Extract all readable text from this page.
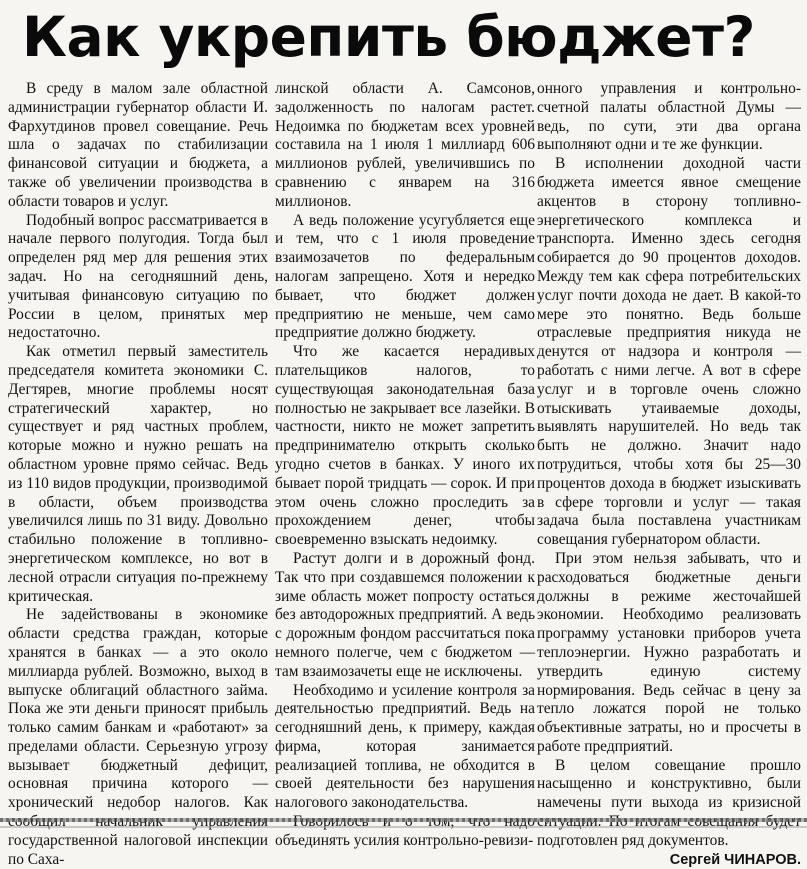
Как укрепить бюджет?

В среду в малом зале областной администрации губернатор области И. Фархутдинов провел совещание. Речь шла о задачах по стабилизации финансовой ситуации и бюджета, а также об увеличении производства в области товаров и услуг.

Подобный вопрос рассматривается в начале первого полугодия. Тогда был определен ряд мер для решения этих задач. Но на сегодняшний день, учитывая финансовую ситуацию по России в целом, принятых мер недостаточно.

Как отметил первый заместитель председателя комитета экономики С. Дегтярев, многие проблемы носят стратегический характер, но существует и ряд частных проблем, которые можно и нужно решать на областном уровне прямо сейчас. Ведь из 110 видов продукции, производимой в области, объем производства увеличился лишь по 31 виду. Довольно стабильно положение в топливно-энергетическом комплексе, но вот в лесной отрасли ситуация по-прежнему критическая.

Не задействованы в экономике области средства граждан, которые хранятся в банках — а это около миллиарда рублей. Возможно, выход в выпуске облигаций областного займа. Пока же эти деньги приносят прибыль только самим банкам и «работают» за пределами области. Серьезную угрозу вызывает бюджетный дефицит, основная причина которого — хронический недобор налогов. Как государственной налоговой инспекции по Саха-

линской области А. Самсонов, задолженность по налогам растет. Недоимка по бюджетам всех уровней составила на 1 июля 1 миллиард 606 миллионов рублей, увеличившись по сравнению с январем на 316 миллионов.

А ведь положение усугубляется еще и тем, что с 1 июля проведение взаимозачетов по федеральным налогам запрещено. Хотя и нередко бывает, что бюджет должен предприятию не меньше, чем само предприятие должно бюджету.

Что же касается нерадивых плательщиков налогов, то существующая законодательная база полностью не закрывает все лазейки. В частности, никто не может запретить предпринимателю открыть сколько угодно счетов в банках. У иного их бывает порой тридцать — сорок. И при этом очень сложно проследить за прохождением денег, чтобы своевременно взыскать недоимку.

Растут долги и в дорожный фонд. Так что при создавшемся положении к зиме область может попросту остаться без автодорожных предприятий. А ведь с дорожным фондом рассчитаться пока немного полегче, чем с бюджетом — там взаимозачеты еще не исключены.

Необходимо и усиление контроля за деятельностью предприятий. Ведь на сегодняшний день, к примеру, каждая фирма, которая занимается реализацией топлива, не обходится в своей деятельности без нарушения налогового законодательства.

объединять усилия контрольно-ревизи-

онного управления и контрольно-счетной палаты областной Думы — ведь, по сути, эти два органа выполняют одни и те же функции.

В исполнении доходной части бюджета имеется явное смещение акцентов в сторону топливно-энергетического комплекса и транспорта. Именно здесь сегодня собирается до 90 процентов доходов. Между тем как сфера потребительских услуг почти дохода не дает. В какой-то мере это понятно. Ведь больше отраслевые предприятия никуда не денутся от надзора и контроля — работать с ними легче. А вот в сфере услуг и в торговле очень сложно отыскивать утаиваемые доходы, выявлять нарушителей. Но ведь так быть не должно. Значит надо потрудиться, чтобы хотя бы 25—30 процентов дохода в бюджет изыскивать в сфере торговли и услуг — такая задача была поставлена участникам совещания губернатором области.

При этом нельзя забывать, что и расходоваться бюджетные деньги должны в режиме жесточайшей экономии. Необходимо реализовать программу установки приборов учета теплоэнергии. Нужно разработать и утвердить единую систему нормирования. Ведь сейчас в цену за тепло ложатся порой не только объективные затраты, но и просчеты в работе предприятий.

В целом совещание прошло насыщенно и конструктивно, были намечены пути выхода из кризисной подготовлен ряд документов.

Сергей ЧИНАРОВ.
